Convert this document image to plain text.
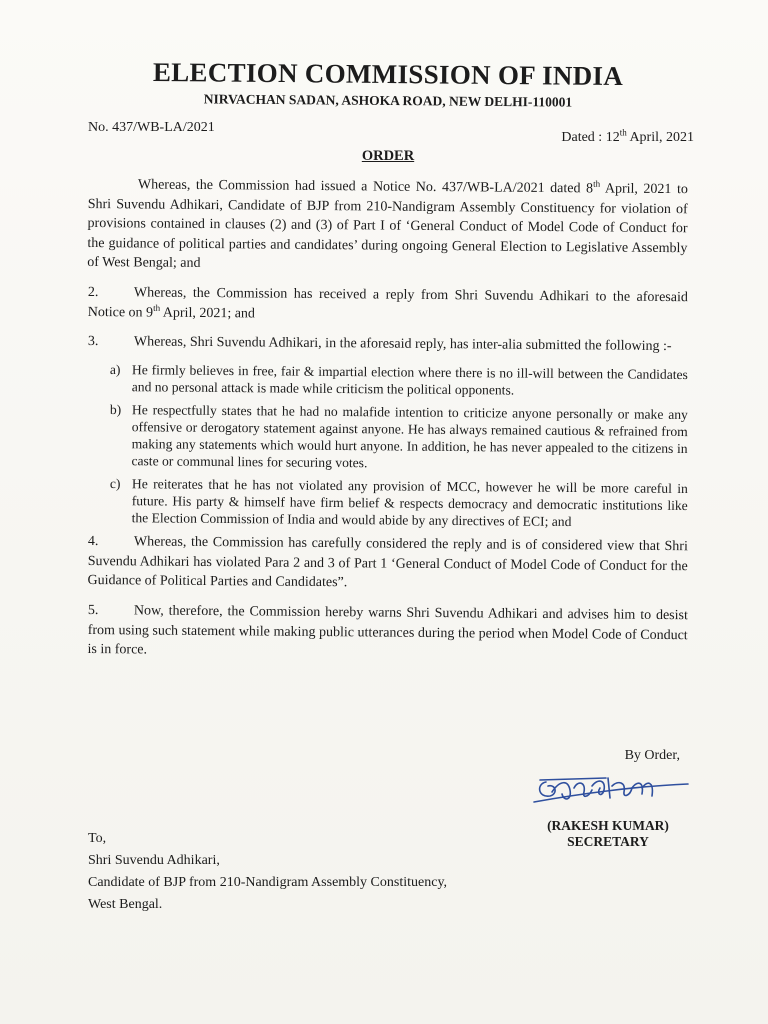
ELECTION COMMISSION OF INDIA
NIRVACHAN SADAN, ASHOKA ROAD, NEW DELHI-110001
No. 437/WB-LA/2021
Dated : 12th April, 2021
ORDER

Whereas, the Commission had issued a Notice No. 437/WB-LA/2021 dated 8th April, 2021 to Shri Suvendu Adhikari, Candidate of BJP from 210-Nandigram Assembly Constituency for violation of provisions contained in clauses (2) and (3) of Part I of ‘General Conduct of Model Code of Conduct for the guidance of political parties and candidates’ during ongoing General Election to Legislative Assembly of West Bengal; and

2.	Whereas, the Commission has received a reply from Shri Suvendu Adhikari to the aforesaid Notice on 9th April, 2021; and

3.	Whereas, Shri Suvendu Adhikari, in the aforesaid reply, has inter-alia submitted the following :-

a) He firmly believes in free, fair & impartial election where there is no ill-will between the Candidates and no personal attack is made while criticism the political opponents.
b) He respectfully states that he had no malafide intention to criticize anyone personally or make any offensive or derogatory statement against anyone. He has always remained cautious & refrained from making any statements which would hurt anyone. In addition, he has never appealed to the citizens in caste or communal lines for securing votes.
c) He reiterates that he has not violated any provision of MCC, however he will be more careful in future. His party & himself have firm belief & respects democracy and democratic institutions like the Election Commission of India and would abide by any directives of ECI; and

4.	Whereas, the Commission has carefully considered the reply and is of considered view that Shri Suvendu Adhikari has violated Para 2 and 3 of Part 1 ‘General Conduct of Model Code of Conduct for the Guidance of Political Parties and Candidates”.

5.	Now, therefore, the Commission hereby warns Shri Suvendu Adhikari and advises him to desist from using such statement while making public utterances during the period when Model Code of Conduct is in force.

By Order,
(RAKESH KUMAR)
SECRETARY
To,
Shri Suvendu Adhikari,
Candidate of BJP from 210-Nandigram Assembly Constituency,
West Bengal.
